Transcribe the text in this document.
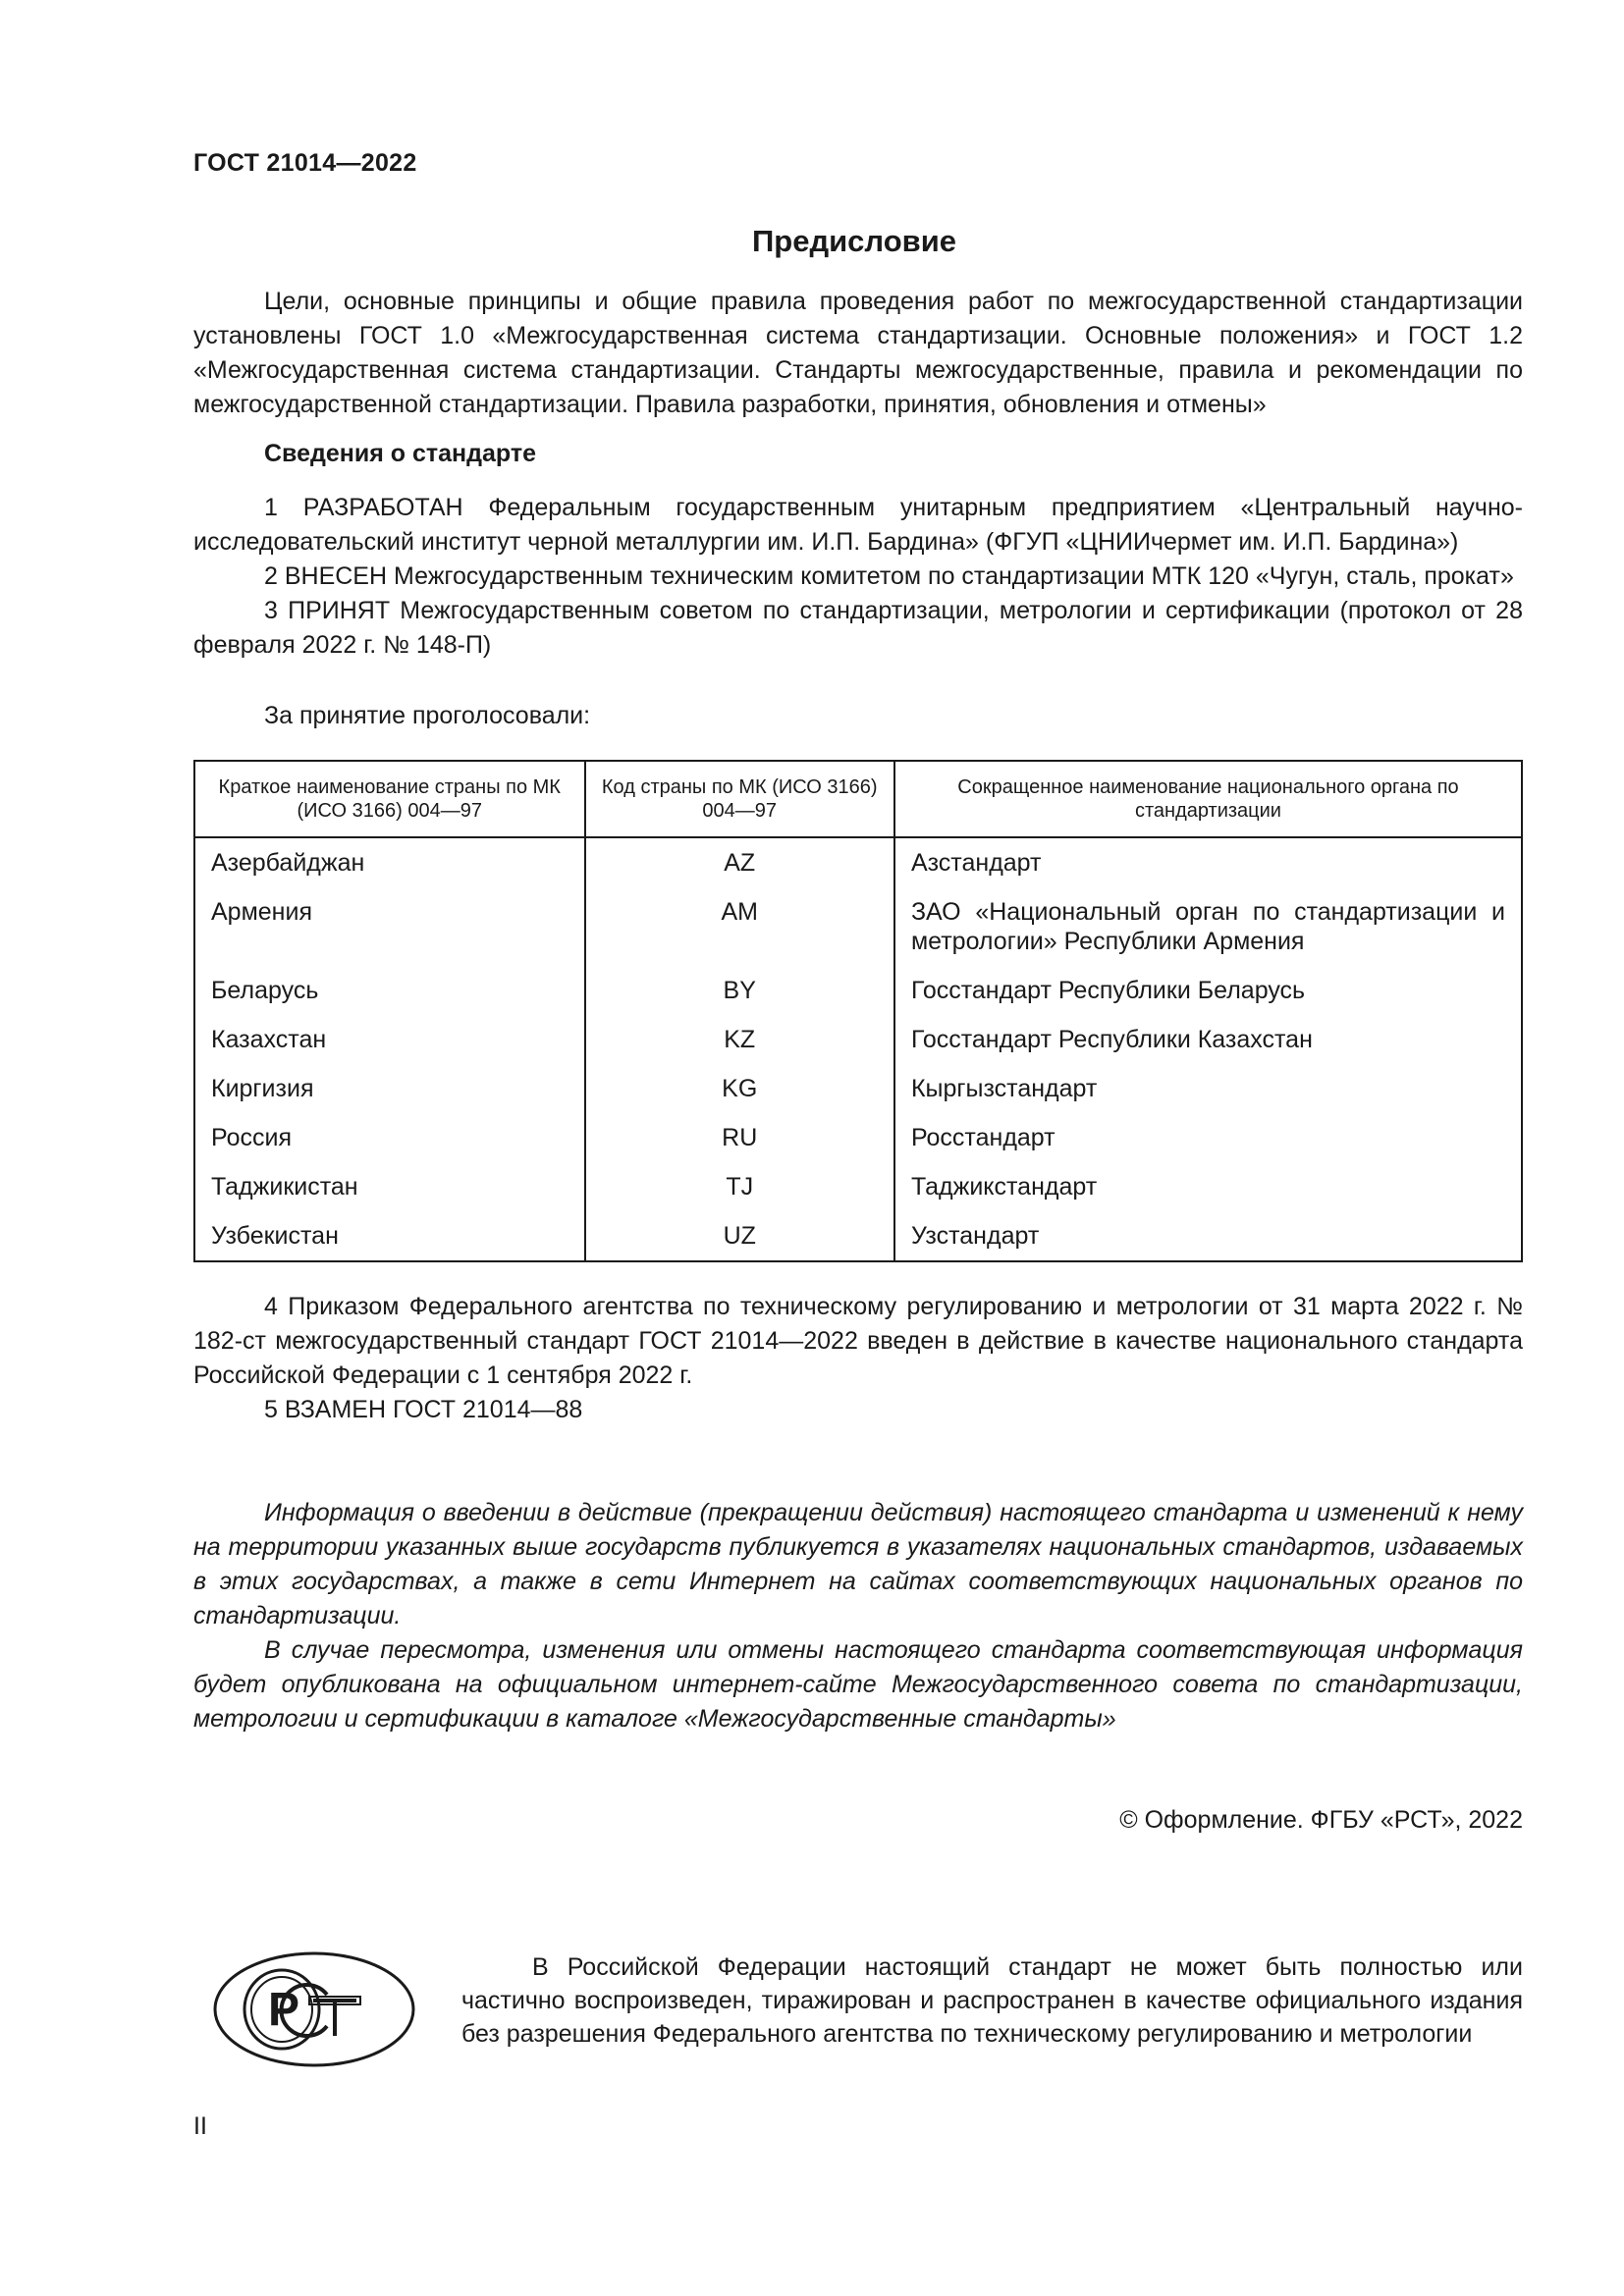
ГОСТ 21014—2022
Предисловие

Цели, основные принципы и общие правила проведения работ по межгосударственной стандартизации установлены ГОСТ 1.0 «Межгосударственная система стандартизации. Основные положения» и ГОСТ 1.2 «Межгосударственная система стандартизации. Стандарты межгосударственные, правила и рекомендации по межгосударственной стандартизации. Правила разработки, принятия, обновления и отмены»

Сведения о стандарте

1 РАЗРАБОТАН Федеральным государственным унитарным предприятием «Центральный научно-исследовательский институт черной металлургии им. И.П. Бардина» (ФГУП «ЦНИИчермет им. И.П. Бардина»)

2 ВНЕСЕН Межгосударственным техническим комитетом по стандартизации МТК 120 «Чугун, сталь, прокат»

3 ПРИНЯТ Межгосударственным советом по стандартизации, метрологии и сертификации (протокол от 28 февраля 2022 г. № 148-П)

За принятие проголосовали:

Краткое наименование страны по МК (ИСО 3166) 004—97	Код страны по МК (ИСО 3166) 004—97	Сокращенное наименование национального органа по стандартизации
Азербайджан	AZ	Азстандарт
Армения	AM	ЗАО «Национальный орган по стандартизации и метрологии» Республики Армения
Беларусь	BY	Госстандарт Республики Беларусь
Казахстан	KZ	Госстандарт Республики Казахстан
Киргизия	KG	Кыргызстандарт
Россия	RU	Росстандарт
Таджикистан	TJ	Таджикстандарт
Узбекистан	UZ	Узстандарт

4 Приказом Федерального агентства по техническому регулированию и метрологии от 31 марта 2022 г. № 182-ст межгосударственный стандарт ГОСТ 21014—2022 введен в действие в качестве национального стандарта Российской Федерации с 1 сентября 2022 г.

5 ВЗАМЕН ГОСТ 21014—88

Информация о введении в действие (прекращении действия) настоящего стандарта и изменений к нему на территории указанных выше государств публикуется в указателях национальных стандартов, издаваемых в этих государствах, а также в сети Интернет на сайтах соответствующих национальных органов по стандартизации.

В случае пересмотра, изменения или отмены настоящего стандарта соответствующая информация будет опубликована на официальном интернет-сайте Межгосударственного совета по стандартизации, метрологии и сертификации в каталоге «Межгосударственные стандарты»

© Оформление. ФГБУ «РСТ», 2022

Р

В Российской Федерации настоящий стандарт не может быть полностью или частично воспроизведен, тиражирован и распространен в качестве официального издания без разрешения Федерального агентства по техническому регулированию и метрологии

II
